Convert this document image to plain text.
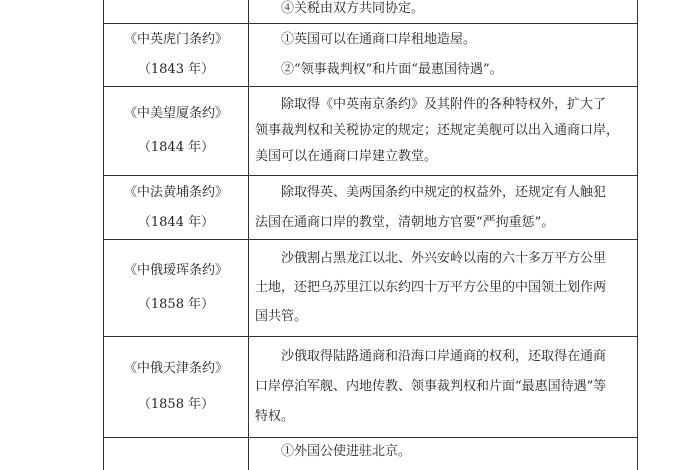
	④关税由双方共同协定。

《中英虎门条约》
（1843 年）	①英国可以在通商口岸租地造屋。
②“领事裁判权”和片面“最惠国待遇”。

《中美望厦条约》
（1844 年）	除取得《中英南京条约》及其附件的各种特权外，扩大了
领事裁判权和关税协定的规定；还规定美舰可以出入通商口岸，
美国可以在通商口岸建立教堂。

《中法黄埔条约》
（1844 年）	除取得英、美两国条约中规定的权益外，还规定有人触犯
法国在通商口岸的教堂，清朝地方官要“严拘重惩”。

《中俄瑷珲条约》
（1858 年）	沙俄割占黑龙江以北、外兴安岭以南的六十多万平方公里
土地，还把乌苏里江以东约四十万平方公里的中国领土划作两
国共管。

《中俄天津条约》
（1858 年）	沙俄取得陆路通商和沿海口岸通商的权利，还取得在通商
口岸停泊军舰、内地传教、领事裁判权和片面“最惠国待遇”等
特权。

	①外国公使进驻北京。
